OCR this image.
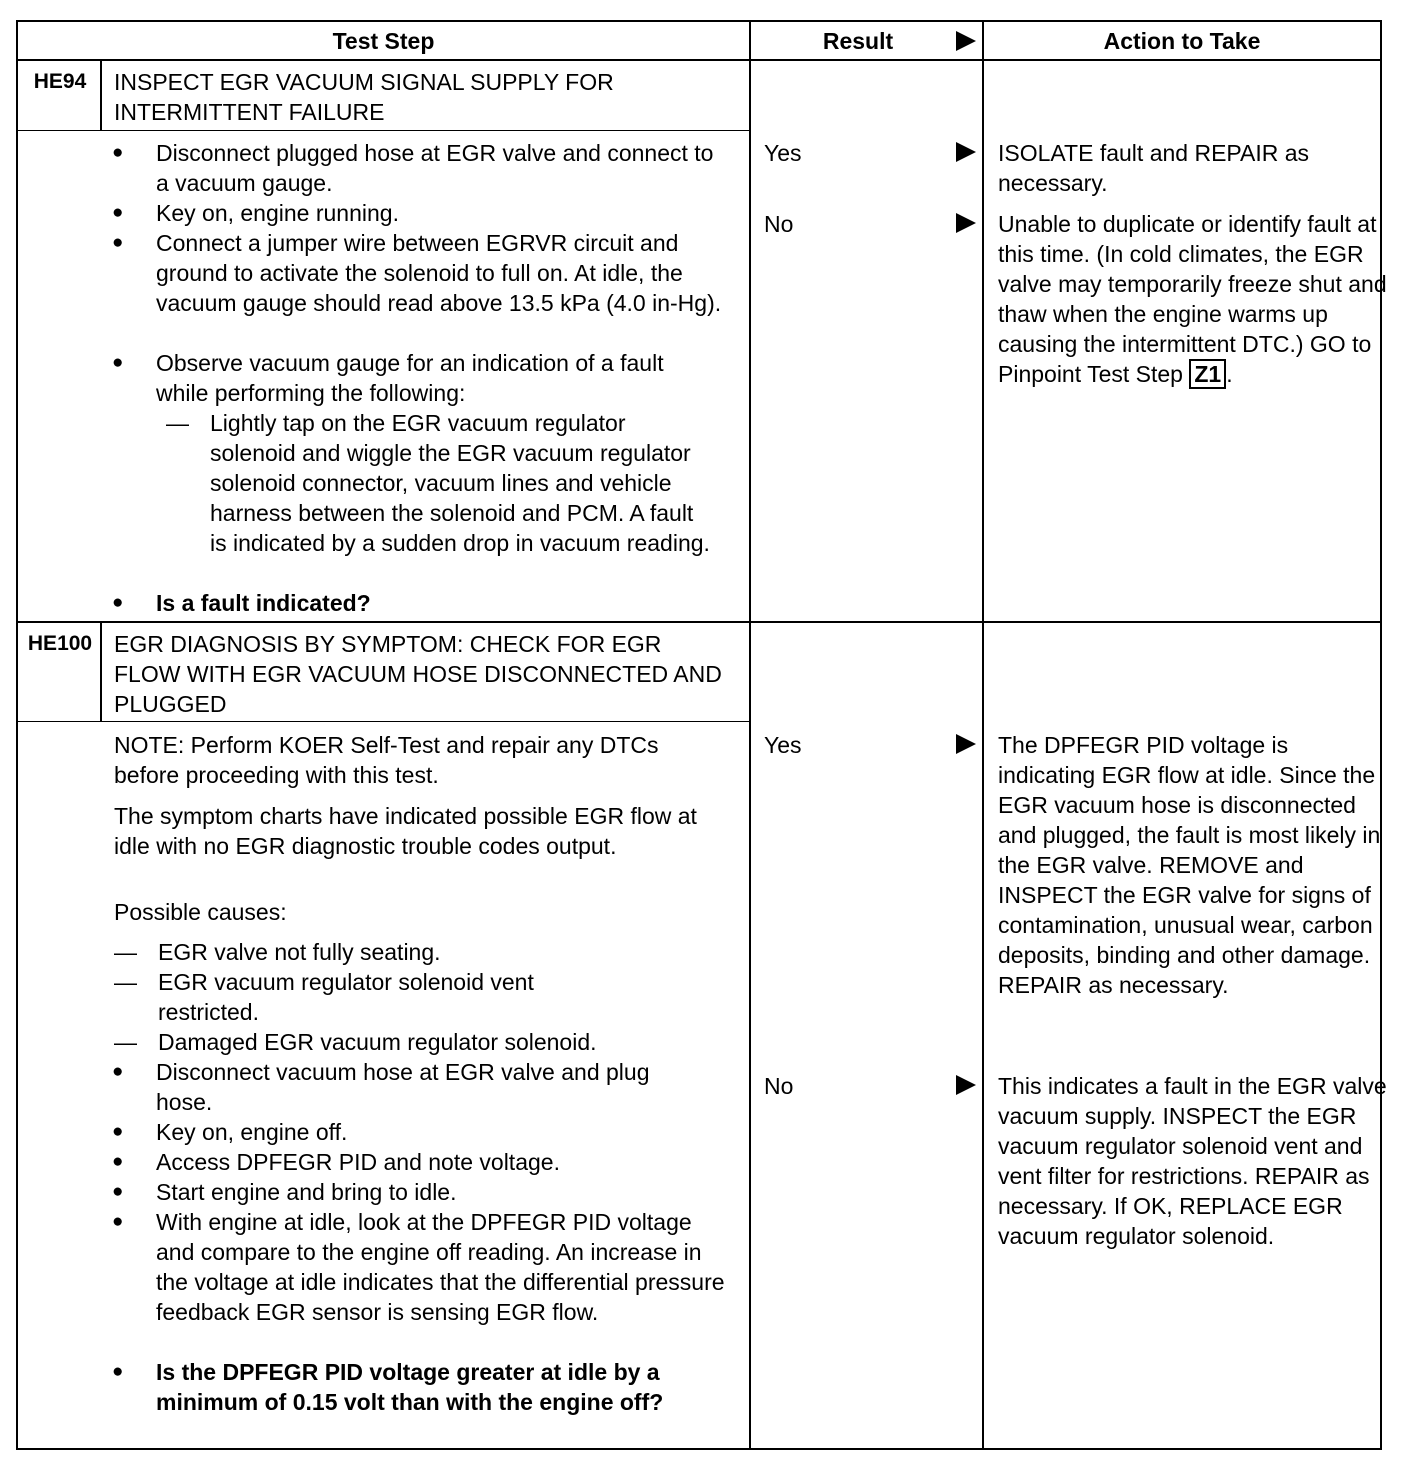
Test Step	Result	Action to Take
HE94	INSPECT EGR VACUUM SIGNAL SUPPLY FOR INTERMITTENT FAILURE
● Disconnect plugged hose at EGR valve and connect to a vacuum gauge.
● Key on, engine running.
● Connect a jumper wire between EGRVR circuit and ground to activate the solenoid to full on. At idle, the vacuum gauge should read above 13.5 kPa (4.0 in-Hg).
● Observe vacuum gauge for an indication of a fault while performing the following:
— Lightly tap on the EGR vacuum regulator solenoid and wiggle the EGR vacuum regulator solenoid connector, vacuum lines and vehicle harness between the solenoid and PCM. A fault is indicated by a sudden drop in vacuum reading.
● Is a fault indicated?
Yes	ISOLATE fault and REPAIR as necessary.
No	Unable to duplicate or identify fault at this time. (In cold climates, the EGR valve may temporarily freeze shut and thaw when the engine warms up causing the intermittent DTC.) GO to Pinpoint Test Step Z1 .
HE100 EGR DIAGNOSIS BY SYMPTOM: CHECK FOR EGR FLOW WITH EGR VACUUM HOSE DISCONNECTED AND PLUGGED
NOTE: Perform KOER Self-Test and repair any DTCs before proceeding with this test.
The symptom charts have indicated possible EGR flow at idle with no EGR diagnostic trouble codes output.
Possible causes:
— EGR valve not fully seating.
— EGR vacuum regulator solenoid vent restricted.
— Damaged EGR vacuum regulator solenoid.
● Disconnect vacuum hose at EGR valve and plug hose.
● Key on, engine off.
● Access DPFEGR PID and note voltage.
● Start engine and bring to idle.
● With engine at idle, look at the DPFEGR PID voltage and compare to the engine off reading. An increase in the voltage at idle indicates that the differential pressure feedback EGR sensor is sensing EGR flow.
● Is the DPFEGR PID voltage greater at idle by a minimum of 0.15 volt than with the engine off?
Yes	The DPFEGR PID voltage is indicating EGR flow at idle. Since the EGR vacuum hose is disconnected and plugged, the fault is most likely in the EGR valve. REMOVE and INSPECT the EGR valve for signs of contamination, unusual wear, carbon deposits, binding and other damage. REPAIR as necessary.
No	This indicates a fault in the EGR valve vacuum supply. INSPECT the EGR vacuum regulator solenoid vent and vent filter for restrictions. REPAIR as necessary. If OK, REPLACE EGR vacuum regulator solenoid.
